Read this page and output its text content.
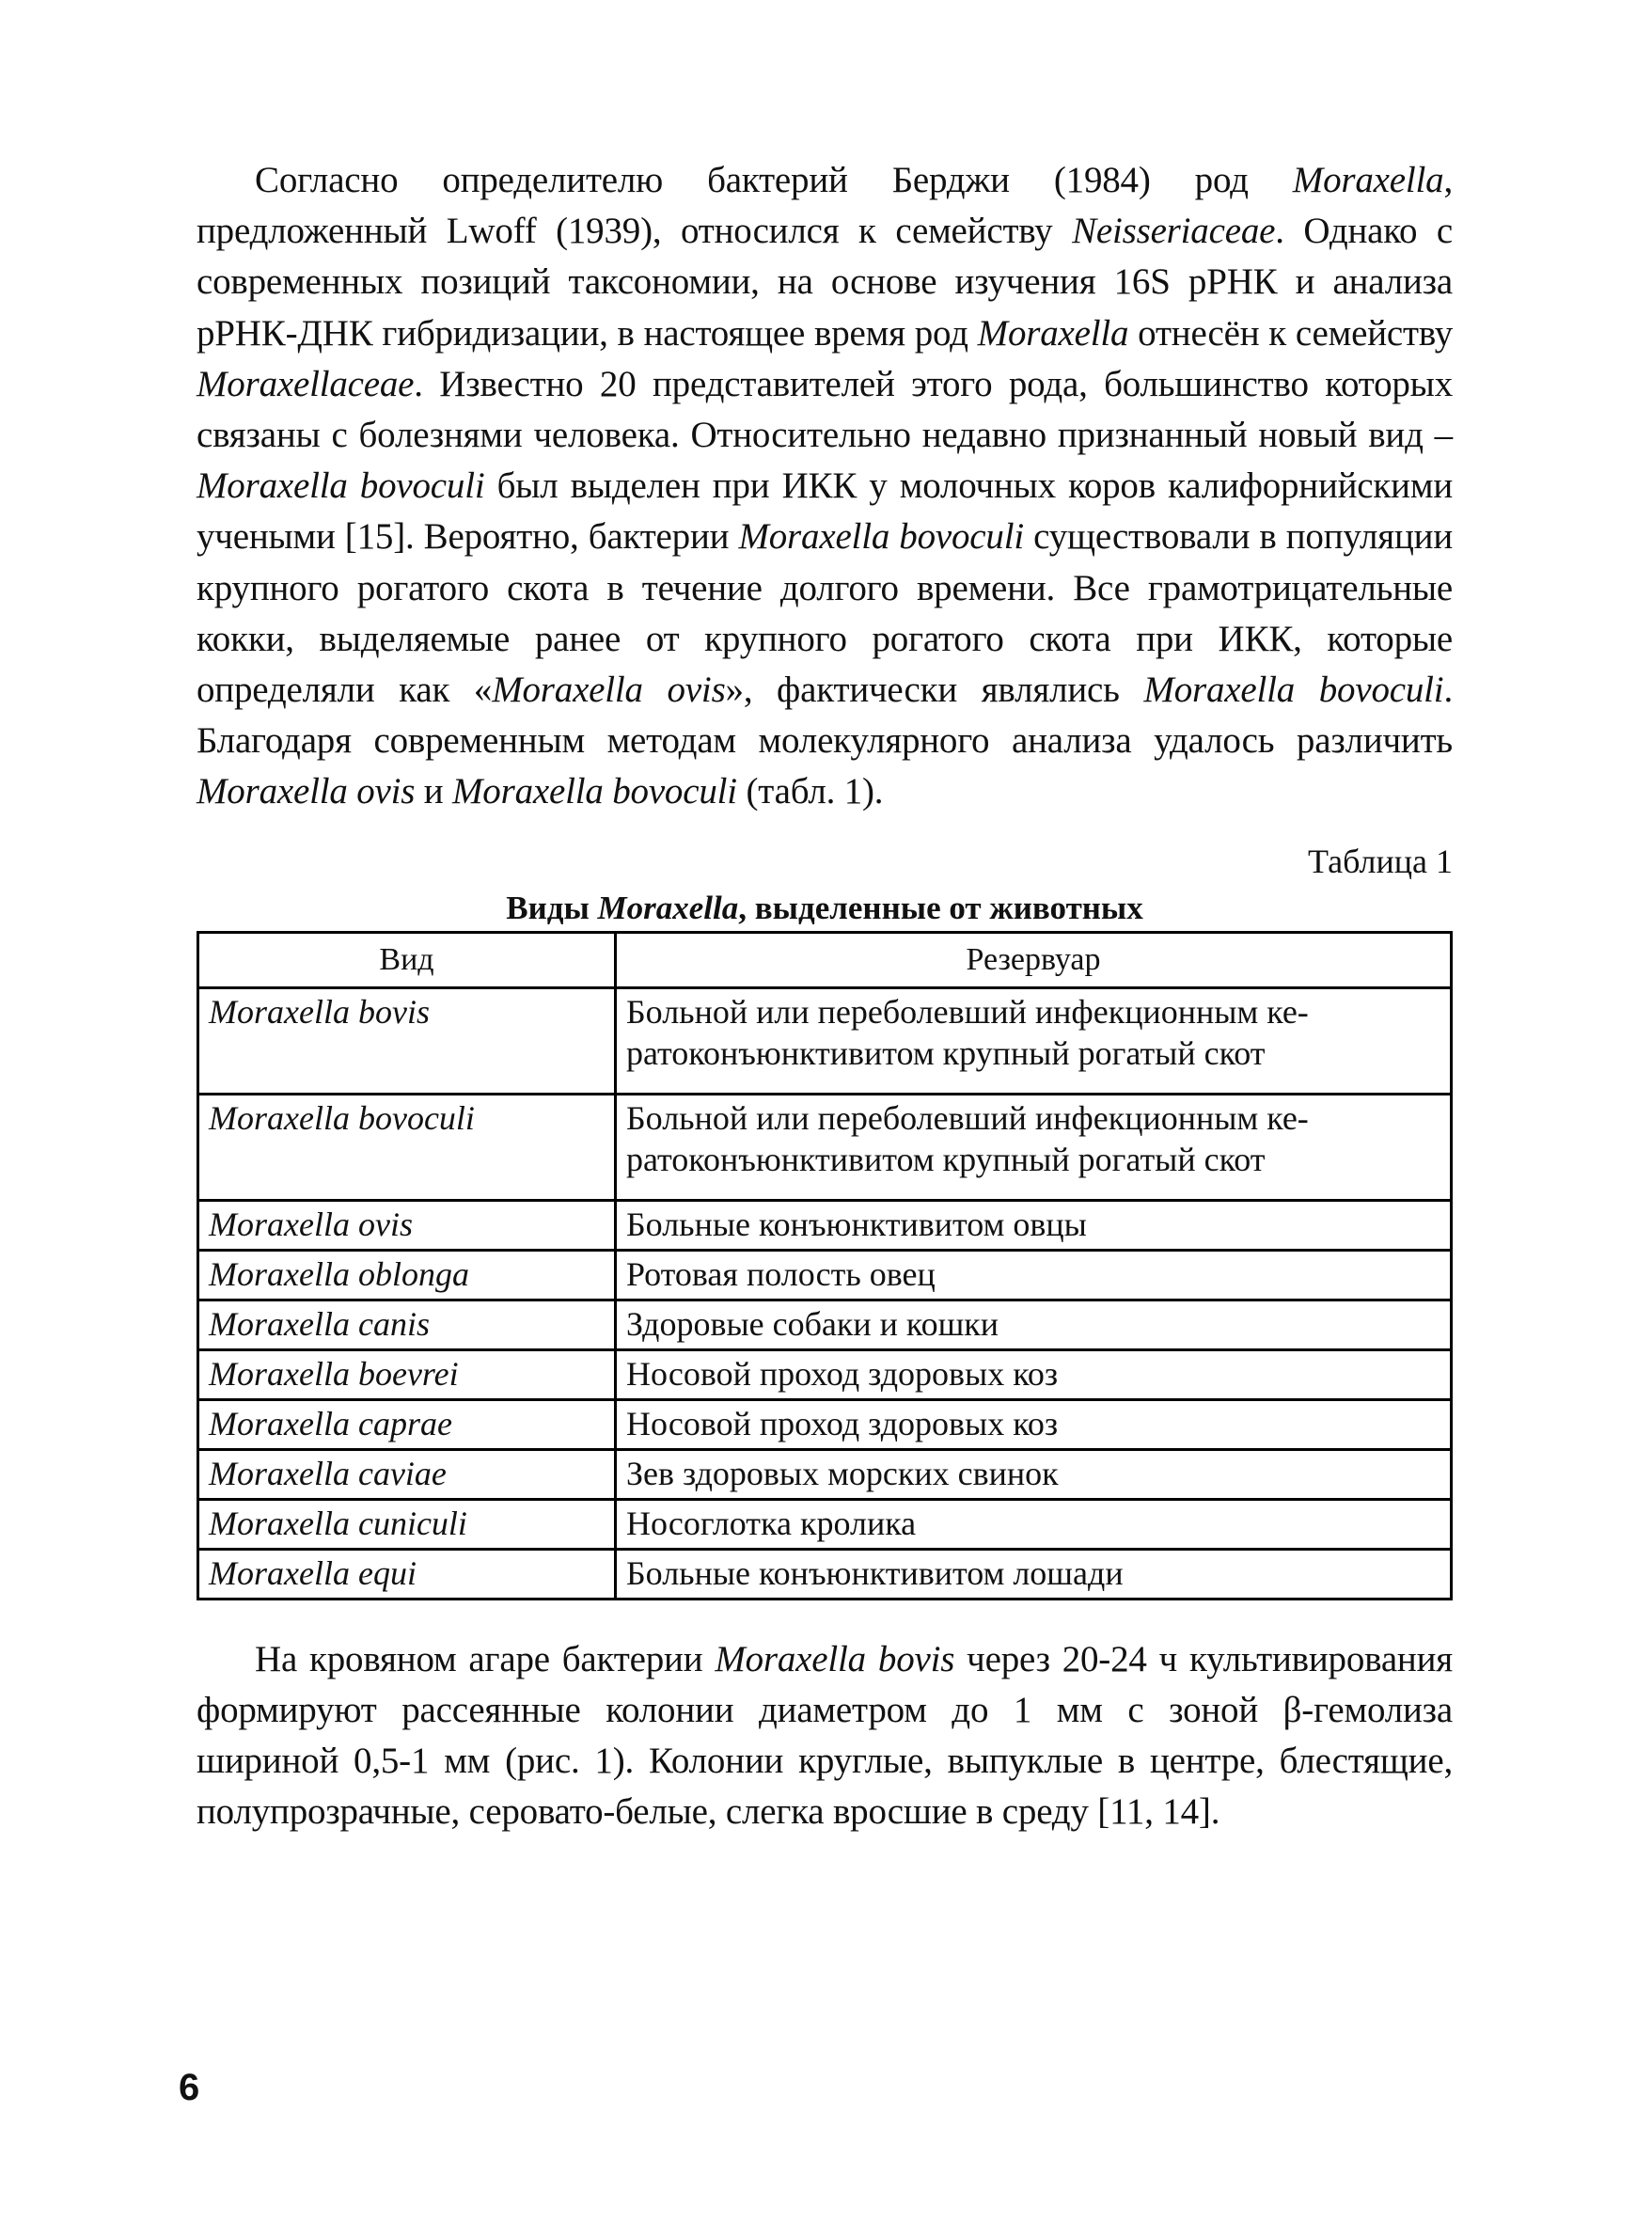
Согласно определителю бактерий Берджи (1984) род Moraxella, предложенный Lwoff (1939), относился к семейству Neisseriaceae. Однако с современных позиций таксономии, на основе изучения 16S рРНК и анализа рРНК-ДНК гибридизации, в настоящее время род Moraxella отнесён к семейству Moraxellaceae. Известно 20 представителей этого рода, большинство которых связаны с болезнями человека. Относительно недавно признанный новый вид – Moraxella bovoculi был выделен при ИКК у молочных коров калифорнийскими учеными [15]. Вероятно, бактерии Moraxella bovoculi существовали в популяции крупного рогатого скота в течение долгого времени. Все грамотрицательные кокки, выделяемые ранее от крупного рогатого скота при ИКК, которые определяли как «Moraxella ovis», фактически являлись Moraxella bovoculi. Благодаря современным методам молекулярного анализа удалось различить Moraxella ovis и Moraxella bovoculi (табл. 1).

Таблица 1
Виды Moraxella, выделенные от животных
Вид	Резервуар
Moraxella bovis	Больной или переболевший инфекционным кератоконъюнктивитом крупный рогатый скот
Moraxella bovoculi	Больной или переболевший инфекционным кератоконъюнктивитом крупный рогатый скот
Moraxella ovis	Больные конъюнктивитом овцы
Moraxella oblonga	Ротовая полость овец
Moraxella canis	Здоровые собаки и кошки
Moraxella boevrei	Носовой проход здоровых коз
Moraxella caprae	Носовой проход здоровых коз
Moraxella caviae	Зев здоровых морских свинок
Moraxella cuniculi	Носоглотка кролика
Moraxella equi	Больные конъюнктивитом лошади

На кровяном агаре бактерии Moraxella bovis через 20-24 ч культивирования формируют рассеянные колонии диаметром до 1 мм с зоной β-гемолиза шириной 0,5-1 мм (рис. 1). Колонии круглые, выпуклые в центре, блестящие, полупрозрачные, серовато-белые, слегка вросшие в среду [11, 14].

6
